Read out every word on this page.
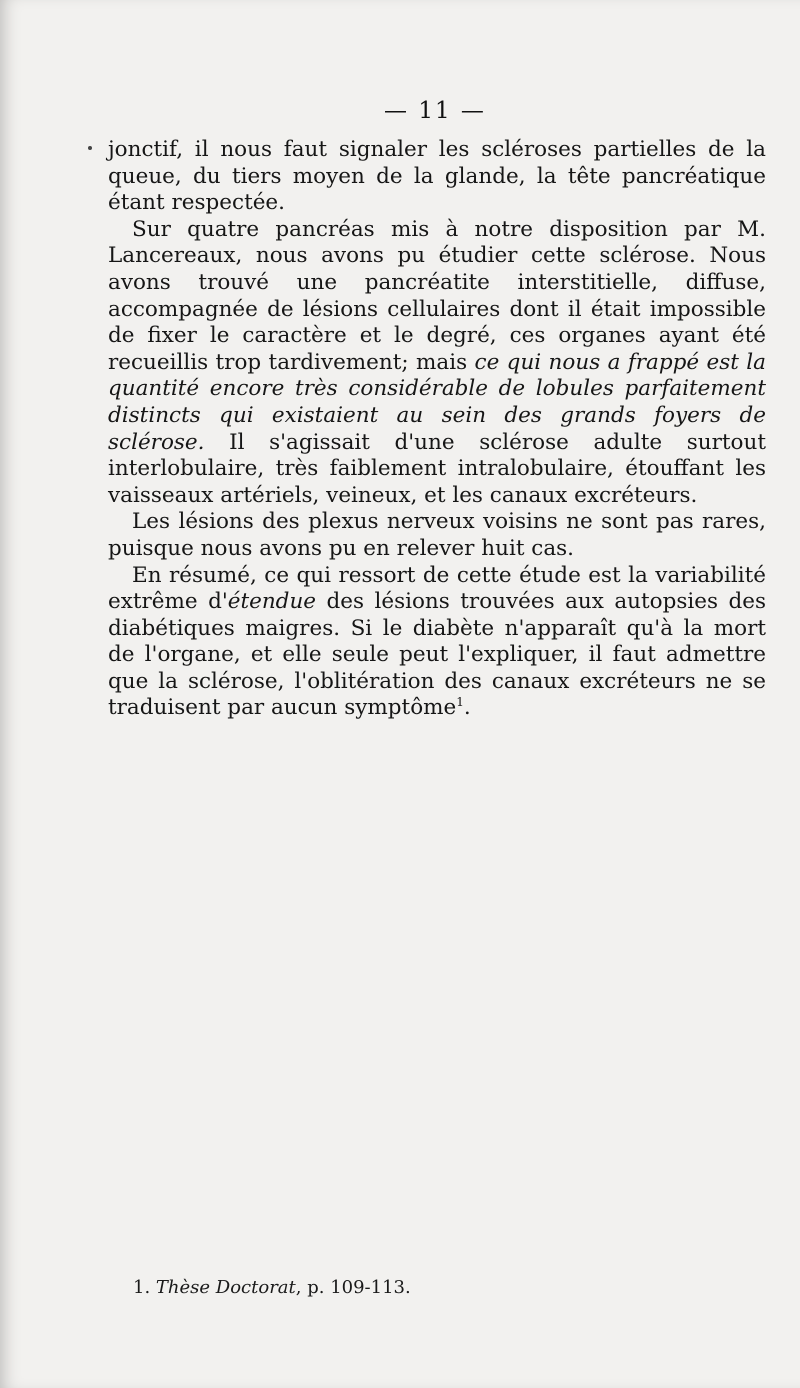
— 11 —

jonctif, il nous faut signaler les scléroses partielles de la queue, du tiers moyen de la glande, la tête pancréatique étant respectée.

Sur quatre pancréas mis à notre disposition par M. Lancereaux, nous avons pu étudier cette sclérose. Nous avons trouvé une pancréatite interstitielle, diffuse, accompagnée de lésions cellulaires dont il était impossible de fixer le caractère et le degré, ces organes ayant été recueillis trop tardivement; mais ce qui nous a frappé est la quantité encore très considérable de lobules parfaitement distincts qui existaient au sein des grands foyers de sclérose. Il s'agissait d'une sclérose adulte surtout interlobulaire, très faiblement intralobulaire, étouffant les vaisseaux artériels, veineux, et les canaux excréteurs.

Les lésions des plexus nerveux voisins ne sont pas rares, puisque nous avons pu en relever huit cas.

En résumé, ce qui ressort de cette étude est la variabilité extrême d'étendue des lésions trouvées aux autopsies des diabétiques maigres. Si le diabète n'apparaît qu'à la mort de l'organe, et elle seule peut l'expliquer, il faut admettre que la sclérose, l'oblitération des canaux excréteurs ne se traduisent par aucun symptôme$^1$.

1. Thèse Doctorat, p. 109-113.
